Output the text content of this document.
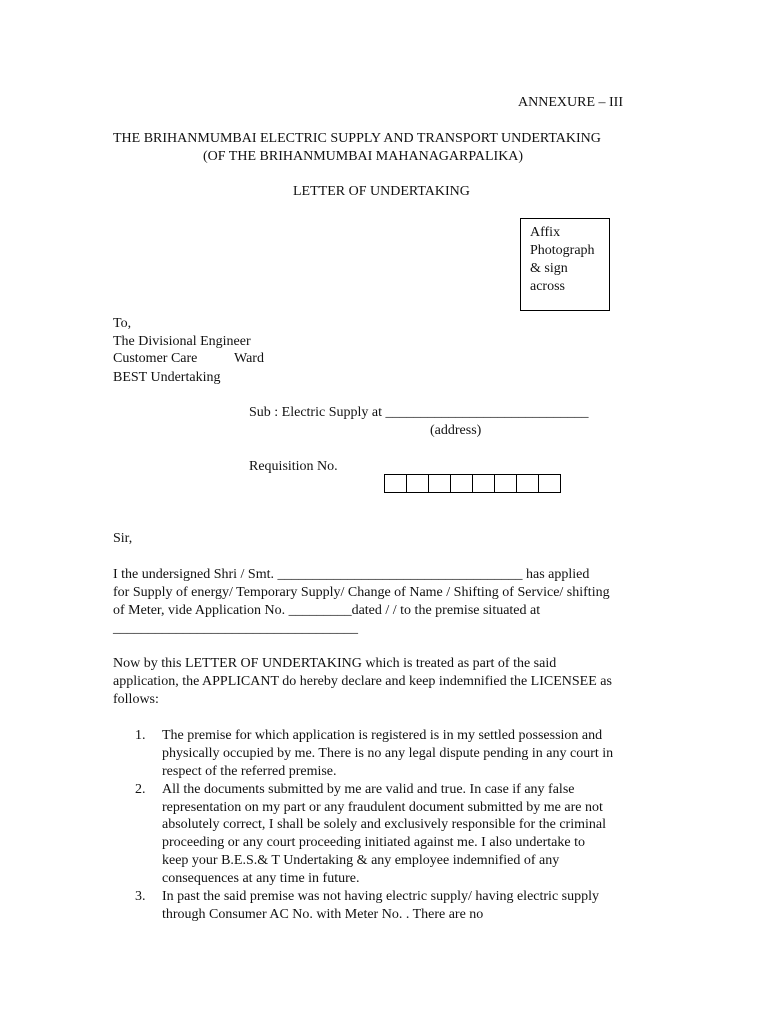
ANNEXURE – III
THE BRIHANMUMBAI ELECTRIC SUPPLY AND TRANSPORT UNDERTAKING
(OF THE BRIHANMUMBAI MAHANAGARPALIKA)
LETTER OF UNDERTAKING
Affix
Photograph
& sign
across
To,
The Divisional Engineer
Customer Care	Ward
BEST Undertaking
Sub : Electric Supply at _____________________________
(address)
Requisition No.
Sir,
I the undersigned Shri / Smt. ___________________________________ has applied
for Supply of energy/ Temporary Supply/ Change of Name / Shifting of Service/ shifting
of Meter, vide Application No. _________dated / / to the premise situated at
___________________________________
Now by this LETTER OF UNDERTAKING which is treated as part of the said
application, the APPLICANT do hereby declare and keep indemnified the LICENSEE as
follows:
1. The premise for which application is registered is in my settled possession and
physically occupied by me. There is no any legal dispute pending in any court in
respect of the referred premise.
2. All the documents submitted by me are valid and true. In case if any false
representation on my part or any fraudulent document submitted by me are not
absolutely correct, I shall be solely and exclusively responsible for the criminal
proceeding or any court proceeding initiated against me. I also undertake to
keep your B.E.S.& T Undertaking & any employee indemnified of any
consequences at any time in future.
3. In past the said premise was not having electric supply/ having electric supply
through Consumer AC No. with Meter No. . There are no
